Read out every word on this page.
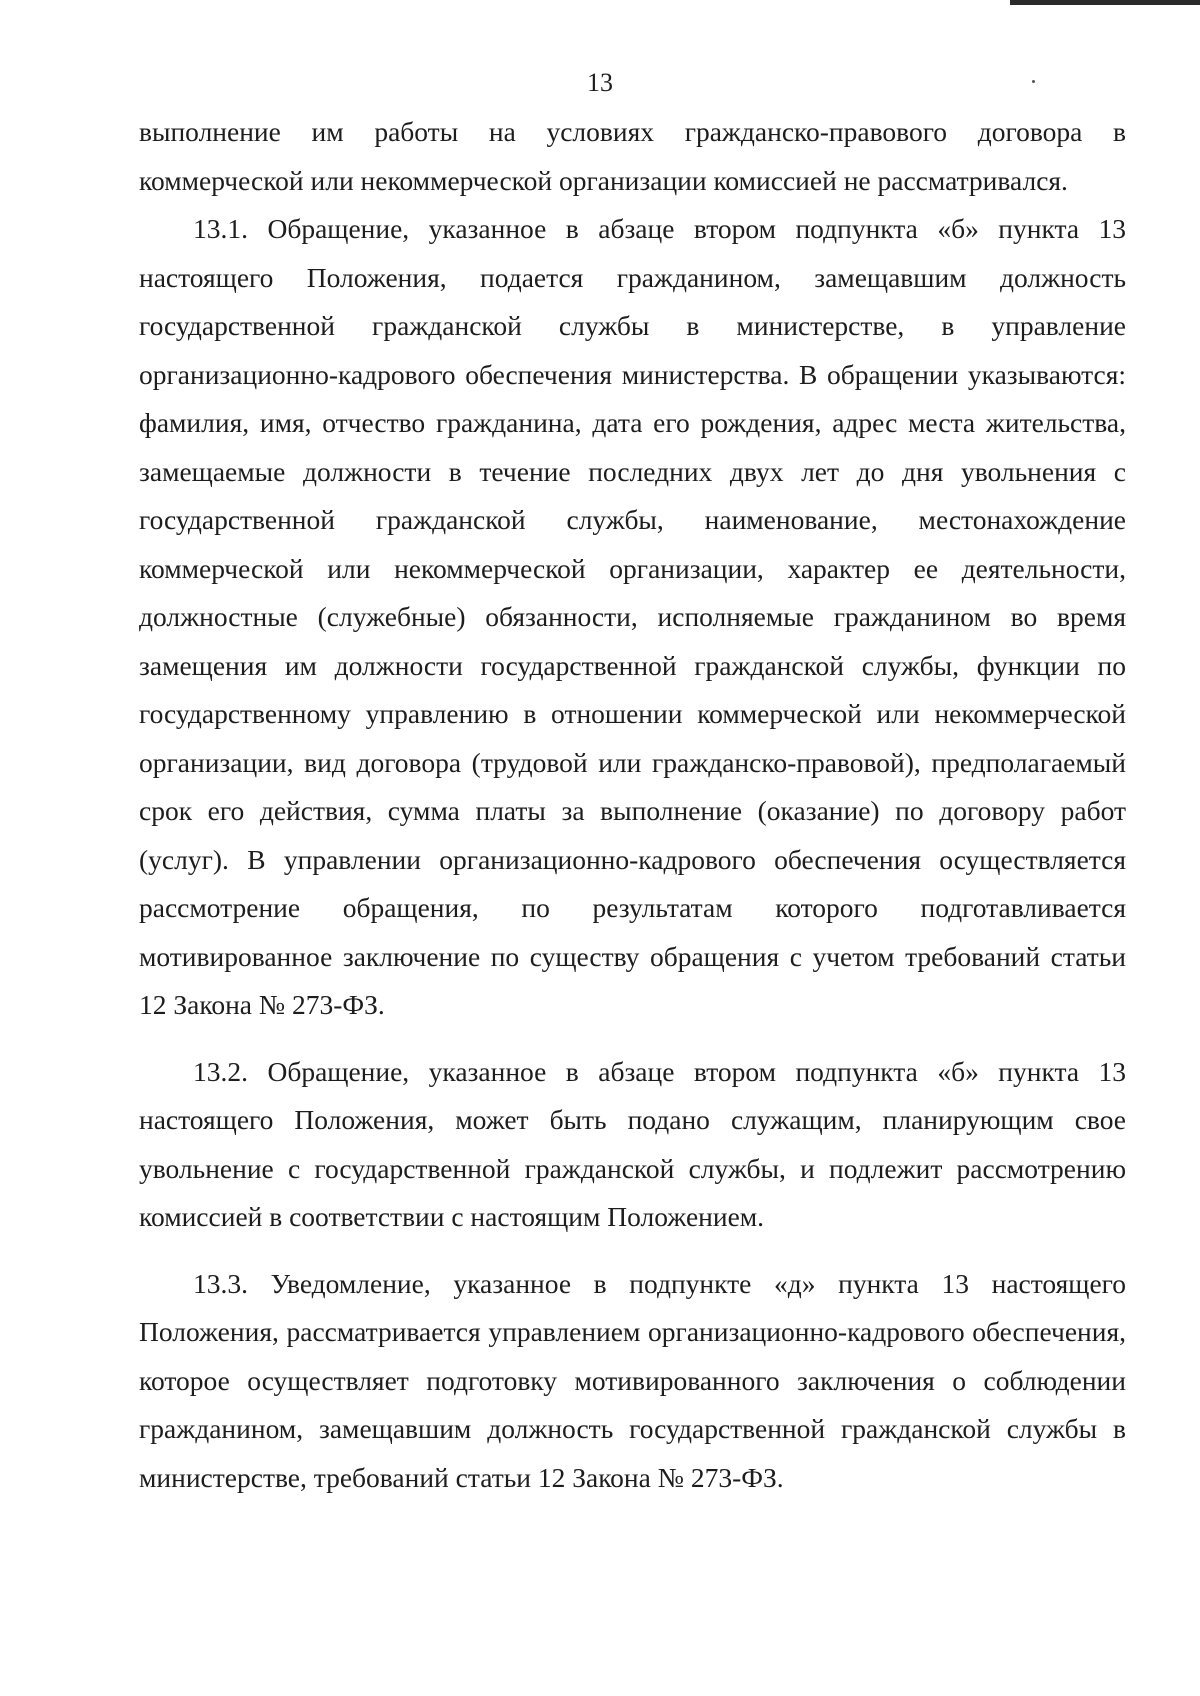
13

выполнение им работы на условиях гражданско-правового договора в коммерческой или некоммерческой организации комиссией не рассматривался.

13.1. Обращение, указанное в абзаце втором подпункта «б» пункта 13 настоящего Положения, подается гражданином, замещавшим должность государственной гражданской службы в министерстве, в управление организационно-кадрового обеспечения министерства. В обращении указываются: фамилия, имя, отчество гражданина, дата его рождения, адрес места жительства, замещаемые должности в течение последних двух лет до дня увольнения с государственной гражданской службы, наименование, местонахождение коммерческой или некоммерческой организации, характер ее деятельности, должностные (служебные) обязанности, исполняемые гражданином во время замещения им должности государственной гражданской службы, функции по государственному управлению в отношении коммерческой или некоммерческой организации, вид договора (трудовой или гражданско-правовой), предполагаемый срок его действия, сумма платы за выполнение (оказание) по договору работ (услуг). В управлении организационно-кадрового обеспечения осуществляется рассмотрение обращения, по результатам которого подготавливается мотивированное заключение по существу обращения с учетом требований статьи 12 Закона № 273-ФЗ.

13.2. Обращение, указанное в абзаце втором подпункта «б» пункта 13 настоящего Положения, может быть подано служащим, планирующим свое увольнение с государственной гражданской службы, и подлежит рассмотрению комиссией в соответствии с настоящим Положением.

13.3. Уведомление, указанное в подпункте «д» пункта 13 настоящего Положения, рассматривается управлением организационно-кадрового обеспечения, которое осуществляет подготовку мотивированного заключения о соблюдении гражданином, замещавшим должность государственной гражданской службы в министерстве, требований статьи 12 Закона № 273-ФЗ.
